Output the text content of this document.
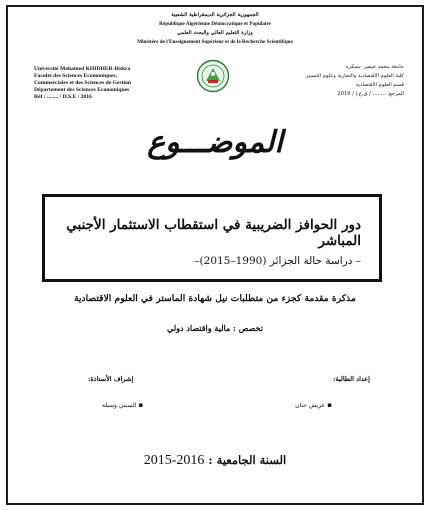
الجمهورية الجزائرية الديمقراطية الشعبية
République Algérienne Démocratique et Populaire
وزارة التعليم العالي والبحث العلمي
Ministère de l'Enseignement Supérieur et de la Recherche Scientifique
Université Mohamed KHIDHER-Biskra
Faculté des Sciences Economiques,
Commerciales et des Sciences de Gestion
Département des Sciences Economiques
Réf : ........ / D.S.E / 2016
جامعة محمد خيضر -بسكرة
كلية العلوم الاقتصادية والتجارية وعلوم التسيير
قسم العلوم الاقتصادية
المرجع: ........ / ق.ع.إ / 2016
الموضـــوع
دور الحوافز الضريبية في استقطاب الاستثمار الأجنبي المباشر
– دراسة حالة الجزائر (1990–2015)–
مذكرة مقدمة كجزء من متطلبات نيل شهادة الماستر في العلوم الاقتصادية
تخصص : مالية واقتصاد دولي
إعداد الطالبة:
▪ عريش حنان
إشراف الأستاذة:
▪ السبتي وسيلة
السنة الجامعية : 2016-2015
